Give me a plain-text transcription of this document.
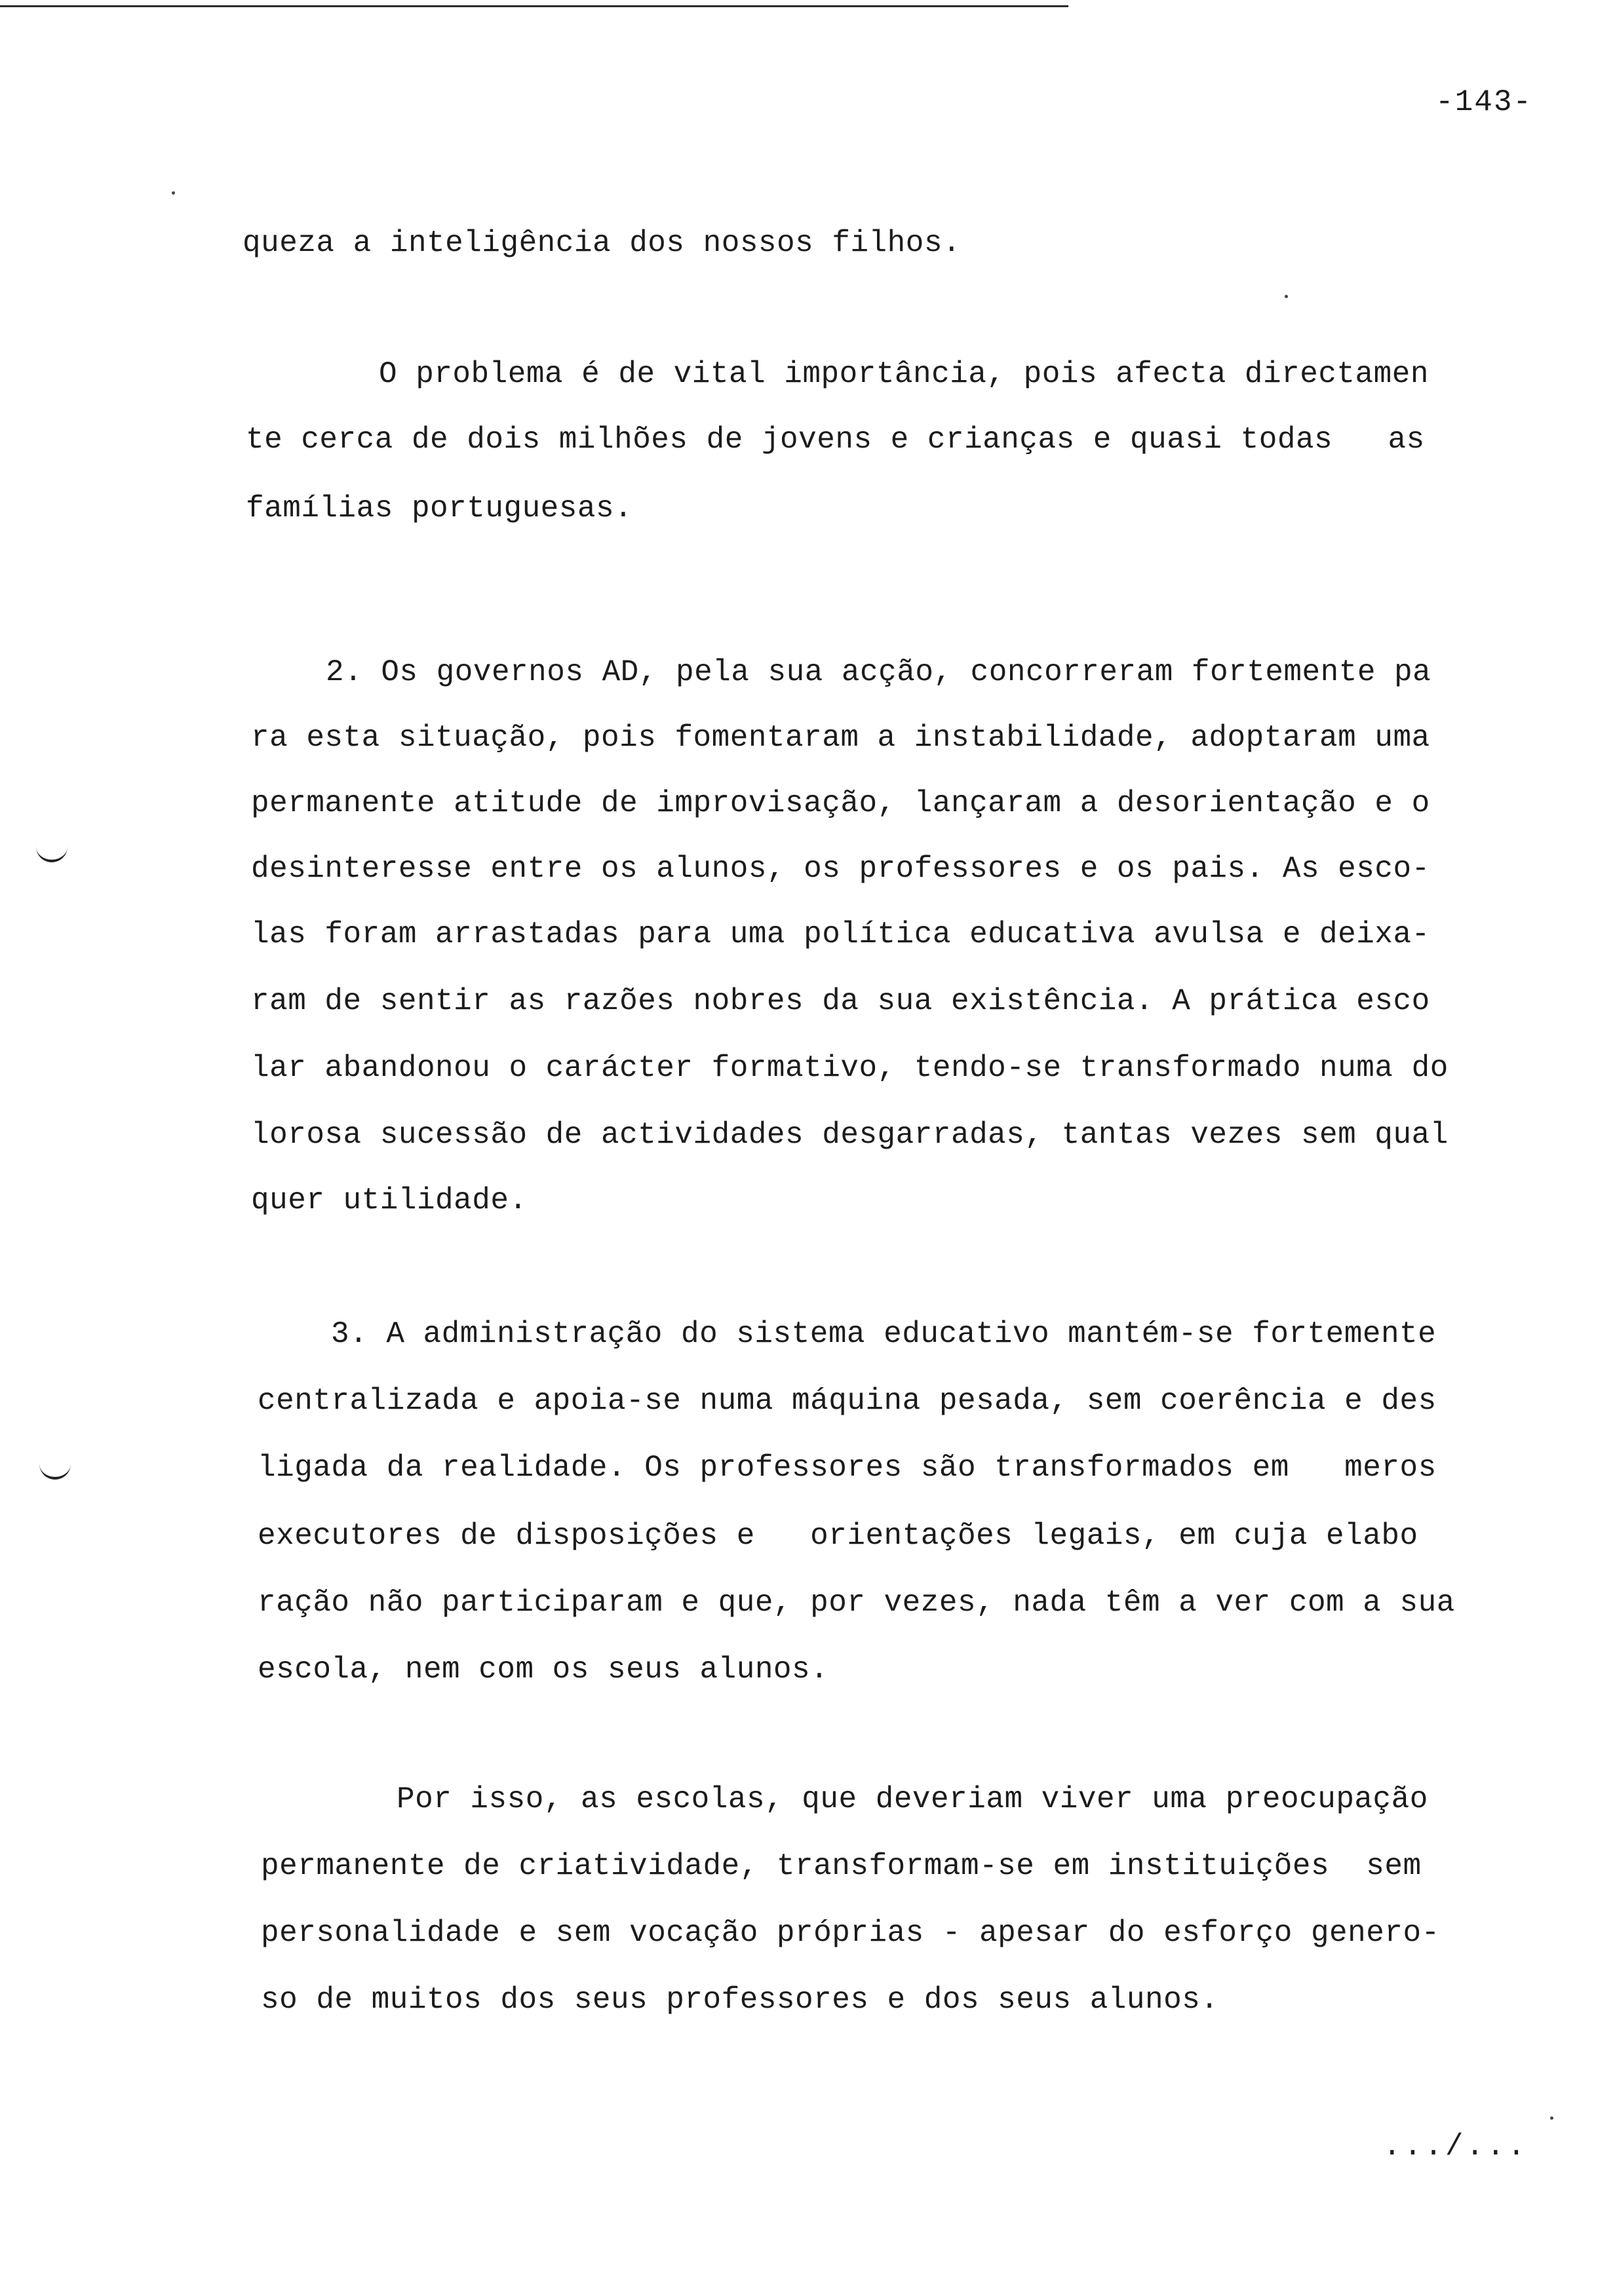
-143-
queza a inteligência dos nossos filhos.
O problema é de vital importância, pois afecta directamen
te cerca de dois milhões de jovens e crianças e quasi todas   as
famílias portuguesas.
2. Os governos AD, pela sua acção, concorreram fortemente pa
ra esta situação, pois fomentaram a instabilidade, adoptaram uma
permanente atitude de improvisação, lançaram a desorientação e o
desinteresse entre os alunos, os professores e os pais. As esco-
las foram arrastadas para uma política educativa avulsa e deixa-
ram de sentir as razões nobres da sua existência. A prática esco
lar abandonou o carácter formativo, tendo-se transformado numa do
lorosa sucessão de actividades desgarradas, tantas vezes sem qual
quer utilidade.
3. A administração do sistema educativo mantém-se fortemente
centralizada e apoia-se numa máquina pesada, sem coerência e des
ligada da realidade. Os professores são transformados em   meros
executores de disposições e   orientações legais, em cuja elabo
ração não participaram e que, por vezes, nada têm a ver com a sua
escola, nem com os seus alunos.
Por isso, as escolas, que deveriam viver uma preocupação
permanente de criatividade, transformam-se em instituições  sem
personalidade e sem vocação próprias - apesar do esforço genero-
so de muitos dos seus professores e dos seus alunos.
.../...
